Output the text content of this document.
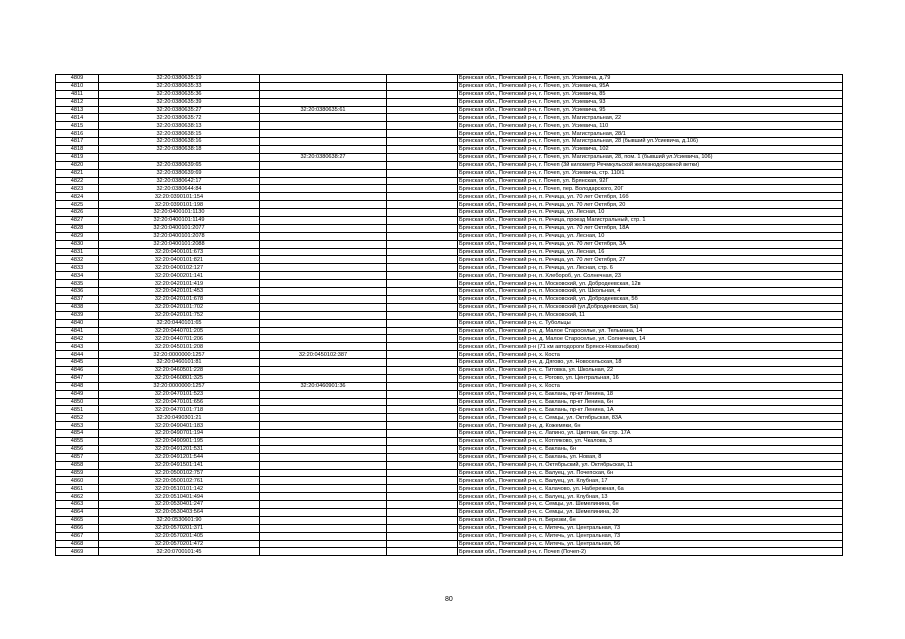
4809	32:20:0380635:19			Брянская обл., Почепский р-н, г. Почеп, ул. Усиевича, д.79
4810	32:20:0380635:33			Брянская обл., Почепский р-н, г. Почеп, ул. Усиевича, 95А
4811	32:20:0380635:36			Брянская обл., Почепский р-н, г. Почеп, ул. Усиевича, 85
4812	32:20:0380635:39			Брянская обл., Почепский р-н, г. Почеп, ул. Усиевича, 93
4813	32:20:0380635:27	32:20:0380635:61		Брянская обл., Почепский р-н, г. Почеп, ул. Усиевича, 95
4814	32:20:0380635:72			Брянская обл., Почепский р-н, г. Почеп, ул. Магистральная, 22
4815	32:20:0380638:13			Брянская обл., Почепский р-н, г. Почеп, ул. Усиевича, 110
4816	32:20:0380638:15			Брянская обл., Почепский р-н, г. Почеп, ул. Магистральная, 28/1
4817	32:20:0380638:16			Брянская обл., Почепский р-н, г. Почеп, ул. Магистральная, 28 (бывший ул.Усиевича, д.106)
4818	32:20:0380638:18			Брянская обл., Почепский р-н, г. Почеп, ул. Усиевича, 102
4819		32:20:0380638:27		Брянская обл., Почепский р-н, г. Почеп, ул. Магистральная, 28, пом. 1 (бывший ул.Усиевича, 106)
4820	32:20:0380639:65			Брянская обл., Почепский р-н, г. Почеп (3й километр Речмкульской железнодорожной ветки)
4821	32:20:0380639:69			Брянская обл., Почепский р-н, г. Почеп, ул. Усиевича, стр. 110/1
4822	32:20:0380642:17			Брянская обл., Почепский р-н, г. Почеп, ул. Брянская, 92Г
4823	32:20:0380644:84			Брянская обл., Почепский р-н, г. Почеп, пер. Володарского, 20Г
4824	32:20:0390101:154			Брянская обл., Почепский р-н, п. Речица, ул. 70 лет Октября, 16б
4825	32:20:0390101:198			Брянская обл., Почепский р-н, п. Речица, ул. 70 лет Октября, 20
4826	32:20:0400101:1130			Брянская обл., Почепский р-н, п. Речица, ул. Лесная, 10
4827	32:20:0400101:1149			Брянская обл., Почепский р-н, п. Речица, проезд Магистральный, стр. 1
4828	32:20:0400101:2077			Брянская обл., Почепский р-н, п. Речица, ул. 70 лет Октября, 18А
4829	32:20:0400101:2078			Брянская обл., Почепский р-н, п. Речица, ул. Лесная, 10
4830	32:20:0400101:2088			Брянская обл., Почепский р-н, п. Речица, ул. 70 лет Октября, 3А
4831	32:20:0400101:673			Брянская обл., Почепский р-н, п. Речица, ул. Лесная, 16
4832	32:20:0400101:821			Брянская обл., Почепский р-н, п. Речица, ул. 70 лет Октября, 27
4833	32:20:0400102:127			Брянская обл., Почепский р-н, п. Речица, ул. Лесная, стр. 6
4834	32:20:0400201:141			Брянская обл., Почепский р-н, п. Хлебороб, ул. Солнечная, 23
4835	32:20:0420101:419			Брянская обл., Почепский р-н, п. Московский, ул. Добродеевская, 12в
4836	32:20:0420101:453			Брянская обл., Почепский р-н, п. Московский, ул. Школьная, 4
4837	32:20:0420101:678			Брянская обл., Почепский р-н, п. Московский, ул. Добродеевская, 5б
4838	32:20:0420101:702			Брянская обл., Почепский р-н, п. Московский (ул.Добродеевская, 5а)
4839	32:20:0420101:752			Брянская обл., Почепский р-н, п. Московский, 11
4840	32:20:0440101:65			Брянская обл., Почепский р-н, с. Тубольцы
4841	32:20:0440701:205			Брянская обл., Почепский р-н, д. Малое Староселье, ул. Тельмана, 14
4842	32:20:0440701:206			Брянская обл., Почепский р-н, д. Малое Староселье, ул. Солнечная, 14
4843	32:20:0450101:208			Брянская обл., Почепский р-н (71 км автодороги Брянск-Новозыбков)
4844	32:20:0000000:1257	32:20:0450102:387		Брянская обл., Почепский р-н, х. Коста
4845	32:20:0460101:81			Брянская обл., Почепский р-н, д. Дягово, ул. Новосельская, 18
4846	32:20:0460501:228			Брянская обл., Почепский р-н, с. Титовка, ул. Школьная, 22
4847	32:20:0460801:325			Брянская обл., Почепский р-н, с. Рогово, ул. Центральная, 16
4848	32:20:0000000:1257	32:20:0460901:36		Брянская обл., Почепский р-н, х. Коста
4849	32:20:0470101:523			Брянская обл., Почепский р-н, с. Баклань, пр-кт Ленина, 18
4850	32:20:0470101:656			Брянская обл., Почепский р-н, с. Баклань, пр-кт Ленина, 6н
4851	32:20:0470101:718			Брянская обл., Почепский р-н, с. Баклань, пр-кт Ленина, 1А
4852	32:20:0490301:21			Брянская обл., Почепский р-н, с. Семцы, ул. Октябрьская, 83А
4853	32:20:0490401:183			Брянская обл., Почепский р-н, д. Кожемяки, 6н
4854	32:20:0490701:194			Брянская обл., Почепский р-н, с. Лапино, ул. Цветная, 6н стр. 17А
4855	32:20:0490901:195			Брянская обл., Почепский р-н, с. Котляково, ул. Чкалова, 3
4856	32:20:0491201:531			Брянская обл., Почепский р-н, с. Баклань, 6н
4857	32:20:0491201:544			Брянская обл., Почепский р-н, с. Баклань, ул. Новая, 8
4858	32:20:0491501:141			Брянская обл., Почепский р-н, п. Октябрьский, ул. Октябрьская, 11
4859	32:20:0500102:757			Брянская обл., Почепский р-н, с. Валуец, ул. Почепская, 6н
4860	32:20:0500102:761			Брянская обл., Почепский р-н, с. Валуец, ул. Клубная, 17
4861	32:20:0510101:142			Брянская обл., Почепский р-н, с. Калачово, ул. Набережная, 6а
4862	32:20:0510401:494			Брянская обл., Почепский р-н, с. Валуец, ул. Клубная, 13
4863	32:20:0530401:247			Брянская обл., Почепский р-н, с. Семцы, ул. Шемелинина, 6н
4864	32:20:0530403:564			Брянская обл., Почепский р-н, с. Семцы, ул. Шемелинина, 20
4865	32:20:0530601:90			Брянская обл., Почепский р-н, п. Березки, 6н
4866	32:20:0570201:371			Брянская обл., Почепский р-н, с. Митечь, ул. Центральная, 73
4867	32:20:0570201:405			Брянская обл., Почепский р-н, с. Митечь, ул. Центральная, 73
4868	32:20:0570201:472			Брянская обл., Почепский р-н, с. Митечь, ул. Центральная, 56
4869	32:20:0700101:45			Брянская обл., Почепский р-н, г. Почеп (Почеп-2)
80
